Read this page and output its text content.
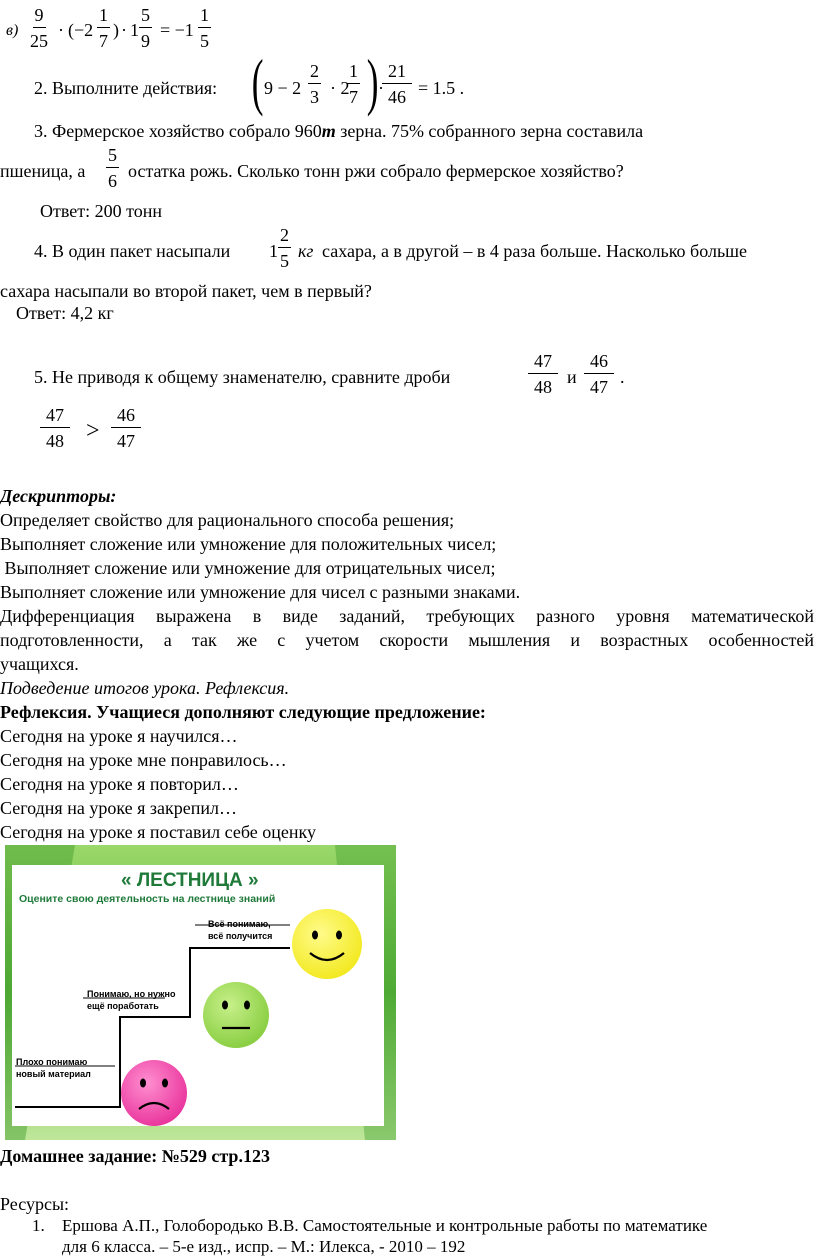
$в) \frac{9}{25} \cdot (-2 \frac{1}{7}$ ) · $1 \frac{5}{9} = -1 \frac{1}{5}$
2. Выполните действия: ( $9 - 2 \frac{2}{3} \cdot 2$
$\frac{1}{7}$ ) ·
$\frac{21}{46} = 1.5$ .
3. Фермерское хозяйство собрало 960т зерна. 75% собранного зерна составила
пшеница, а $\frac{5}{6}$ остатка рожь. Сколько тонн ржи собрало фермерское хозяйство?
Ответ: 200 тонн
4. В один пакет насыпали $1 \frac{2}{5}$ кг сахара, а в другой – в 4 раза больше. Насколько больше
сахара насыпали во второй пакет, чем в первый?
Ответ: 4,2 кг
5. Не приводя к общему знаменателю, сравните дроби	$\frac{47}{48}$ и $\frac{46}{47}$ .
$\frac{47}{48} > \frac{46}{47}$
Дескрипторы:
Определяет свойство для рационального способа решения;
Выполняет сложение или умножение для положительных чисел;
Выполняет сложение или умножение для отрицательных чисел;
Выполняет сложение или умножение для чисел с разными знаками.
Дифференциация выражена в виде заданий, требующих разного уровня математической
подготовленности, а так же с учетом скорости мышления и возрастных особенностей
учащихся.
Подведение итогов урока. Рефлексия.
Рефлексия. Учащиеся дополняют следующие предложение:
Сегодня на уроке я научился…
Сегодня на уроке мне понравилось…
Сегодня на уроке я повторил…
Сегодня на уроке я закрепил…
Сегодня на уроке я поставил себе оценку
« ЛЕСТНИЦА »
Оцените свою деятельность на лестнице знаний
Всё понимаю,
всё получится
Понимаю, но нужно
ещё поработать
Плохо понимаю
новый материал
Домашнее задание: №529 стр.123
Ресурсы:
1. Ершова А.П., Голобородько В.В. Самостоятельные и контрольные работы по математике
для 6 класса. – 5-е изд., испр. – М.: Илекса, - 2010 – 192
